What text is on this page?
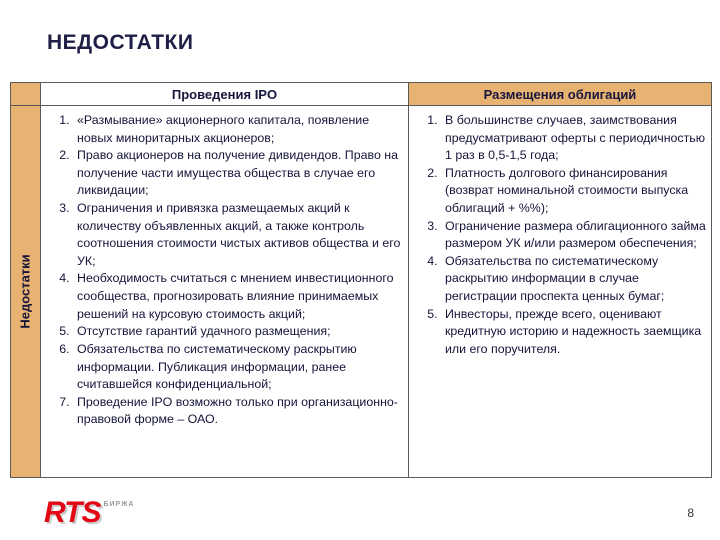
НЕДОСТАТКИ
Проведения IPO	Размещения облигаций
Недостатки
1. «Размывание» акционерного капитала, появление новых миноритарных акционеров;
2. Право акционеров на получение дивидендов. Право на получение части имущества общества в случае его ликвидации;
3. Ограничения и привязка размещаемых акций к количеству объявленных акций, а также контроль соотношения стоимости чистых активов общества и его УК;
4. Необходимость считаться с мнением инвестиционного сообщества, прогнозировать влияние принимаемых решений на курсовую стоимость акций;
5. Отсутствие гарантий удачного размещения;
6. Обязательства по систематическому раскрытию информации. Публикация информации, ранее считавшейся конфиденциальной;
7. Проведение IPO возможно только при организационно-правовой форме – ОАО.
1. В большинстве случаев, заимствования предусматривают оферты с периодичностью 1 раз в 0,5-1,5 года;
2. Платность долгового финансирования (возврат номинальной стоимости выпуска облигаций + %%);
3. Ограничение размера облигационного займа размером УК и/или размером обеспечения;
4. Обязательства по систематическому раскрытию информации в случае регистрации проспекта ценных бумаг;
5. Инвесторы, прежде всего, оценивают кредитную историю и надежность заемщика или его поручителя.
RTS $^{БИРЖА}$
8
